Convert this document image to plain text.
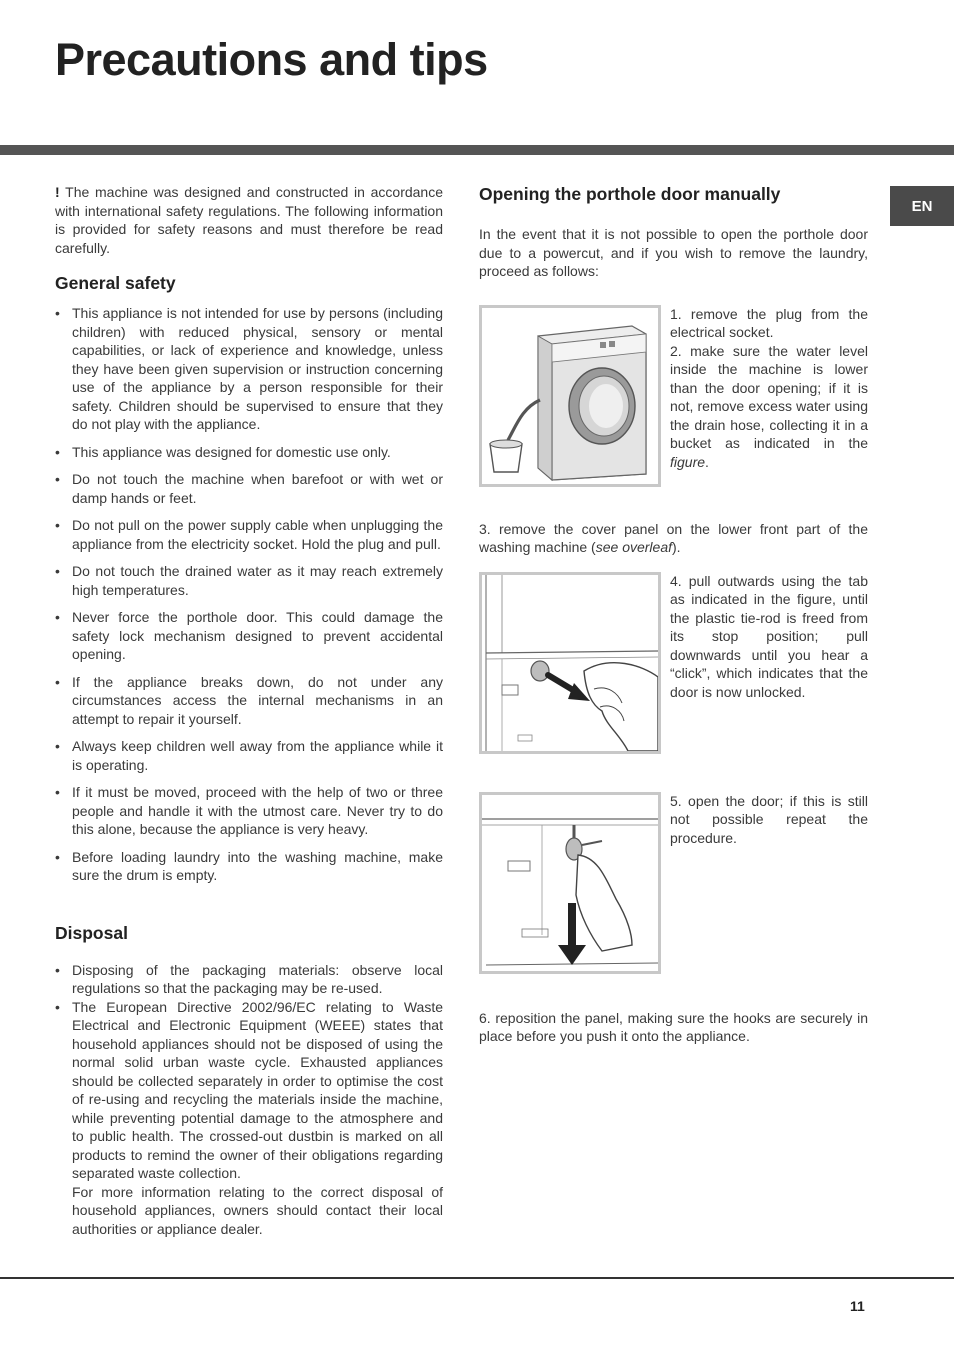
Precautions and tips
EN

! The machine was designed and constructed in accordance with international safety regulations. The following information is provided for safety reasons and must therefore be read carefully.

General safety
• This appliance is not intended for use by persons (including children) with reduced physical, sensory or mental capabilities, or lack of experience and knowledge, unless they have been given supervision or instruction concerning use of the appliance by a person responsible for their safety. Children should be supervised to ensure that they do not play with the appliance.
• This appliance was designed for domestic use only.
• Do not touch the machine when barefoot or with wet or damp hands or feet.
• Do not pull on the power supply cable when unplugging the appliance from the electricity socket. Hold the plug and pull.
• Do not touch the drained water as it may reach extremely high temperatures.
• Never force the porthole door. This could damage the safety lock mechanism designed to prevent accidental opening.
• If the appliance breaks down, do not under any circumstances access the internal mechanisms in an attempt to repair it yourself.
• Always keep children well away from the appliance while it is operating.
• If it must be moved, proceed with the help of two or three people and handle it with the utmost care. Never try to do this alone, because the appliance is very heavy.
• Before loading laundry into the washing machine, make sure the drum is empty.
Disposal
• Disposing of the packaging materials: observe local regulations so that the packaging may be re-used.
• The European Directive 2002/96/EC relating to Waste Electrical and Electronic Equipment (WEEE) states that household appliances should not be disposed of using the normal solid urban waste cycle. Exhausted appliances should be collected separately in order to optimise the cost of re-using and recycling the materials inside the machine, while preventing potential damage to the atmosphere and to public health. The crossed-out dustbin is marked on all products to remind the owner of their obligations regarding separated waste collection.
For more information relating to the correct disposal of household appliances, owners should contact their local authorities or appliance dealer.
Opening the porthole door manually

In the event that it is not possible to open the porthole door due to a powercut, and if you wish to remove the laundry, proceed as follows:

1. remove the plug from the electrical socket.

2. make sure the water level inside the machine is lower than the door opening; if it is not, remove excess water using the drain hose, collecting it in a bucket as indicated in the figure.

3. remove the cover panel on the lower front part of the washing machine (see overleaf).

4. pull outwards using the tab as indicated in the figure, until the plastic tie-rod is freed from its stop position; pull downwards until you hear a “click”, which indicates that the door is now unlocked.

5. open the door; if this is still not possible repeat the procedure.

6. reposition the panel, making sure the hooks are securely in place before you push it onto the appliance.

11
